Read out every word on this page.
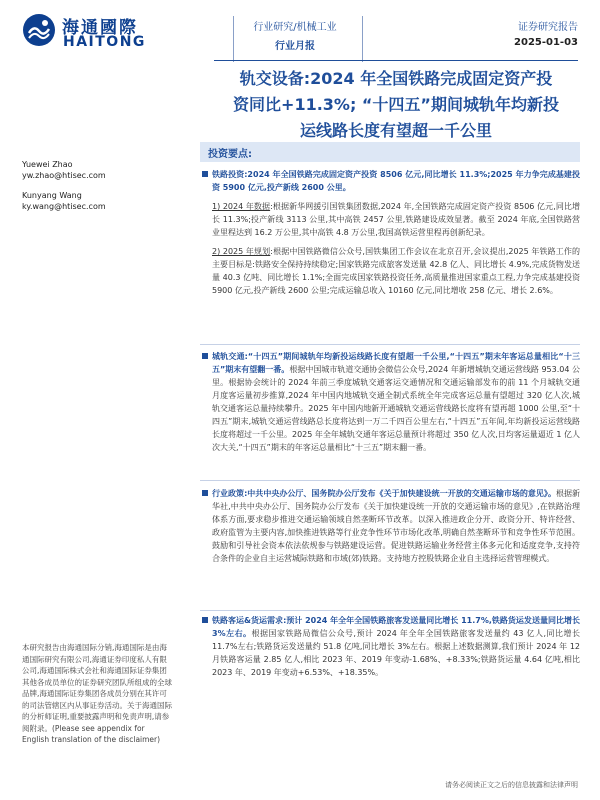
海通國際
HAITONG
行业研究/机械工业
行业月报
证券研究报告
2025-01-03
轨交设备:2024 年全国铁路完成固定资产投
资同比+11.3%; “十四五”期间城轨年均新投
运线路长度有望超一千公里
Yuewei Zhao
yw.zhao@htisec.com
Kunyang Wang
ky.wang@htisec.com
投资要点:
铁路投资:2024 年全国铁路完成固定资产投资 8506 亿元,同比增长 11.3%;2025 年力争完成基建投资 5900 亿元,投产新线 2600 公里。
1) 2024 年数据:根据新华网援引国铁集团数据,2024 年,全国铁路完成固定资产投资 8506 亿元,同比增长 11.3%;投产新线 3113 公里,其中高铁 2457 公里,铁路建设成效显著。截至 2024 年底,全国铁路营业里程达到 16.2 万公里,其中高铁 4.8 万公里,我国高铁运营里程再创新纪录。
2) 2025 年规划:根据中国铁路微信公众号,国铁集团工作会议在北京召开,会议提出,2025 年铁路工作的主要目标是:铁路安全保持持续稳定;国家铁路完成旅客发送量 42.8 亿人、同比增长 4.9%,完成货物发送量 40.3 亿吨、同比增长 1.1%;全面完成国家铁路投资任务,高质量推进国家重点工程,力争完成基建投资 5900 亿元,投产新线 2600 公里;完成运输总收入 10160 亿元,同比增收 258 亿元、增长 2.6%。
城轨交通:“十四五”期间城轨年均新投运线路长度有望超一千公里,“十四五”期末年客运总量相比“十三五”期末有望翻一番。根据中国城市轨道交通协会微信公众号,2024 年新增城轨交通运营线路 953.04 公里。根据协会统计的 2024 年前三季度城轨交通客运交通情况和交通运输部发布的前 11 个月城轨交通月度客运量初步推算,2024 年中国内地城轨交通全制式系统全年完成客运总量有望超过 320 亿人次,城轨交通客运总量持续攀升。2025 年中国内地新开通城轨交通运营线路长度将有望再超 1000 公里,至“十四五”期末,城轨交通运营线路总长度将达到一万二千四百公里左右,“十四五”五年间,年均新投运运营线路长度将超过一千公里。2025 年全年城轨交通年客运总量预计将超过 350 亿人次,日均客运量逼近 1 亿人次大关,“十四五”期末的年客运总量相比“十三五”期末翻一番。
行业政策:中共中央办公厅、国务院办公厅发布《关于加快建设统一开放的交通运输市场的意见》。根据新华社,中共中央办公厅、国务院办公厅发布《关于加快建设统一开放的交通运输市场的意见》,在铁路治理体系方面,要求稳步推进交通运输领域自然垄断环节改革。以深入推进政企分开、政资分开、特许经营、政府监管为主要内容,加快推进铁路等行业竞争性环节市场化改革,明确自然垄断环节和竞争性环节范围。鼓励和引导社会资本依法依规参与铁路建设运营。促进铁路运输业务经营主体多元化和适度竞争,支持符合条件的企业自主运营城际铁路和市域(郊)铁路。支持地方控股铁路企业自主选择运营管理模式。
铁路客运&货运需求:预计 2024 年全年全国铁路旅客发送量同比增长 11.7%,铁路货运发送量同比增长 3%左右。根据国家铁路局微信公众号,预计 2024 年全年全国铁路旅客发送量约 43 亿人,同比增长 11.7%左右;铁路货运发送量约 51.8 亿吨,同比增长 3%左右。根据上述数据测算,我们预计 2024 年 12 月铁路客运量 2.85 亿人,相比 2023 年、2019 年变动-1.68%、+8.33%;铁路货运量 4.64 亿吨,相比 2023 年、2019 年变动+6.53%、+18.35%。
本研究报告由海通国际分销,海通国际是由海通国际研究有限公司,海通证券印度私人有限公司,海通国际株式会社和海通国际证券集团其他各成员单位的证券研究团队所组成的全球品牌,海通国际证券集团各成员分别在其许可的司法管辖区内从事证券活动。关于海通国际的分析师证明,重要披露声明和免责声明,请参阅附录。(Please see appendix for English translation of the disclaimer)
请务必阅读正文之后的信息披露和法律声明
